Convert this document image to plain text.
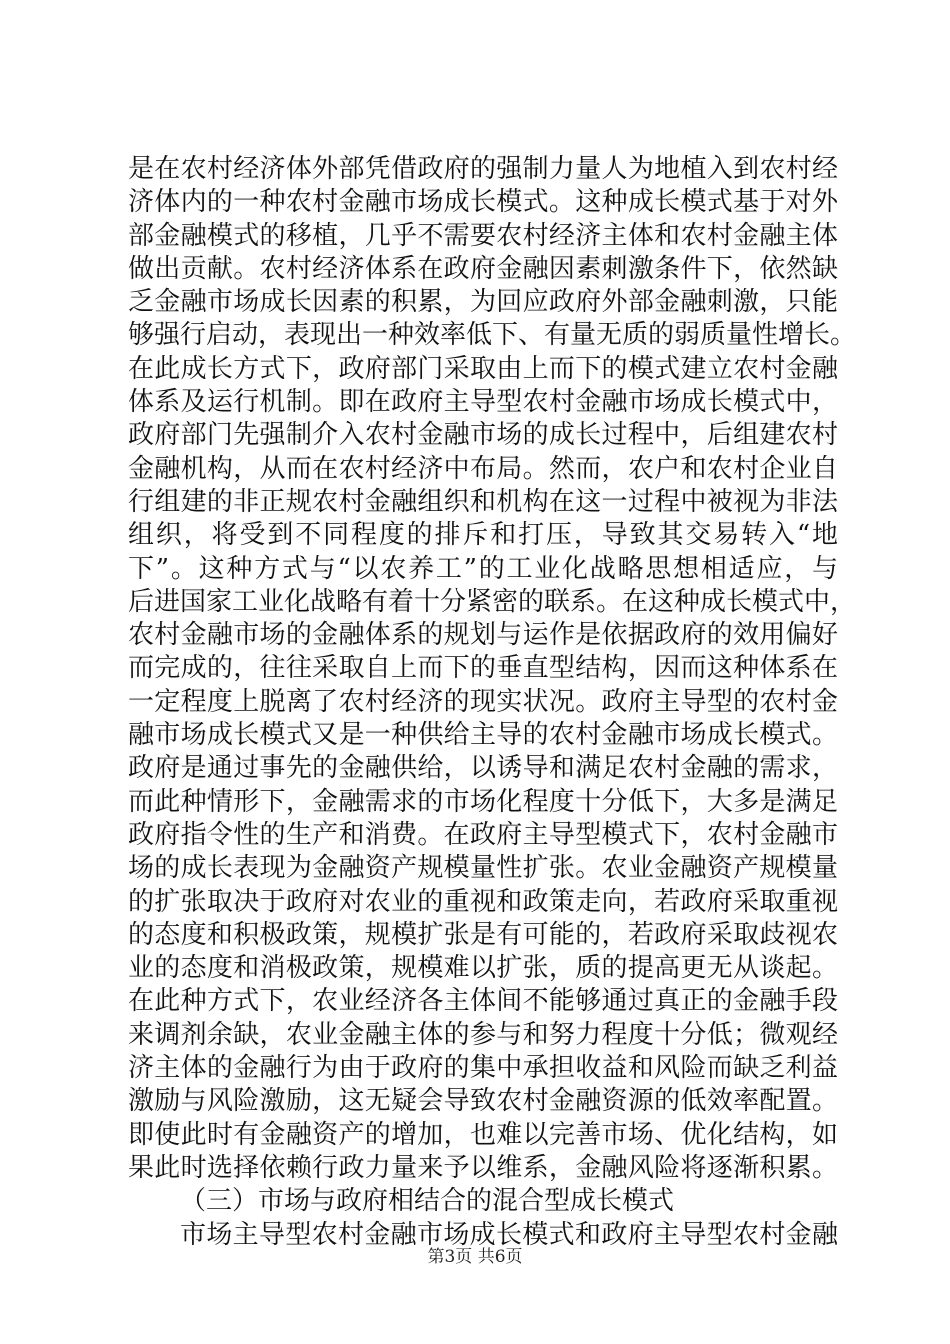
是在农村经济体外部凭借政府的强制力量人为地植入到农村经
济体内的一种农村金融市场成长模式。这种成长模式基于对外
部金融模式的移植，几乎不需要农村经济主体和农村金融主体
做出贡献。农村经济体系在政府金融因素刺激条件下，依然缺
乏金融市场成长因素的积累，为回应政府外部金融刺激，只能
够强行启动，表现出一种效率低下、有量无质的弱质量性增长。
在此成长方式下，政府部门采取由上而下的模式建立农村金融
体系及运行机制。即在政府主导型农村金融市场成长模式中，
政府部门先强制介入农村金融市场的成长过程中，后组建农村
金融机构，从而在农村经济中布局。然而，农户和农村企业自
行组建的非正规农村金融组织和机构在这一过程中被视为非法
组织，将受到不同程度的排斥和打压，导致其交易转入“地
下”。这种方式与“以农养工”的工业化战略思想相适应，与
后进国家工业化战略有着十分紧密的联系。在这种成长模式中，
农村金融市场的金融体系的规划与运作是依据政府的效用偏好
而完成的，往往采取自上而下的垂直型结构，因而这种体系在
一定程度上脱离了农村经济的现实状况。政府主导型的农村金
融市场成长模式又是一种供给主导的农村金融市场成长模式。
政府是通过事先的金融供给，以诱导和满足农村金融的需求，
而此种情形下，金融需求的市场化程度十分低下，大多是满足
政府指令性的生产和消费。在政府主导型模式下，农村金融市
场的成长表现为金融资产规模量性扩张。农业金融资产规模量
的扩张取决于政府对农业的重视和政策走向，若政府采取重视
的态度和积极政策，规模扩张是有可能的，若政府采取歧视农
业的态度和消极政策，规模难以扩张，质的提高更无从谈起。
在此种方式下，农业经济各主体间不能够通过真正的金融手段
来调剂余缺，农业金融主体的参与和努力程度十分低；微观经
济主体的金融行为由于政府的集中承担收益和风险而缺乏利益
激励与风险激励，这无疑会导致农村金融资源的低效率配置。
即使此时有金融资产的增加，也难以完善市场、优化结构，如
果此时选择依赖行政力量来予以维系，金融风险将逐渐积累。
（三）市场与政府相结合的混合型成长模式
市场主导型农村金融市场成长模式和政府主导型农村金融
第3页 共6页
